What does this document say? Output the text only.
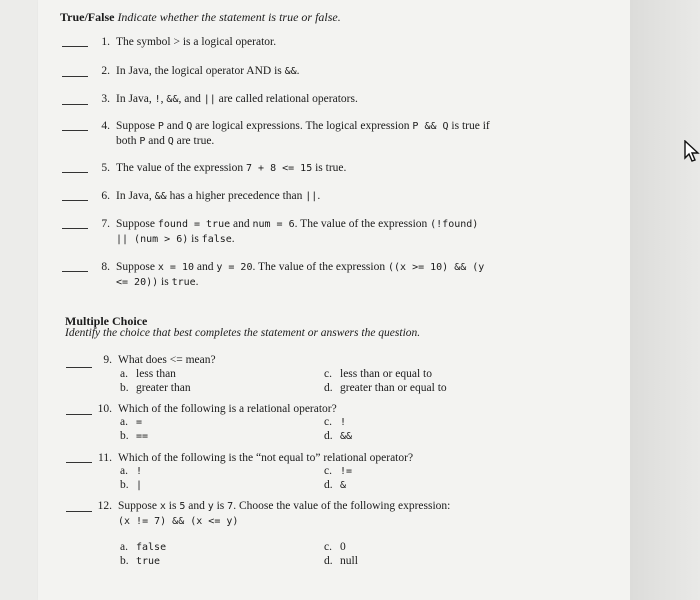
True/False Indicate whether the statement is true or false.
1. The symbol > is a logical operator.
2. In Java, the logical operator AND is &&.
3. In Java, !, &&, and || are called relational operators.
4. Suppose P and Q are logical expressions. The logical expression P && Q is true if
both P and Q are true.
5. The value of the expression 7 + 8 <= 15 is true.
6. In Java, && has a higher precedence than ||.
7. Suppose found = true and num = 6. The value of the expression (!found)
|| (num > 6) is false.
8. Suppose x = 10 and y = 20. The value of the expression ((x >= 10) && (y
<= 20)) is true.
Multiple Choice
Identify the choice that best completes the statement or answers the question.
9. What does <= mean?
a. less than
b. greater than
c. less than or equal to
d. greater than or equal to
10. Which of the following is a relational operator?
a. =
b. ==
c. !
d. &&
11. Which of the following is the “not equal to” relational operator?
a. !
b. |
c. !=
d. &
12. Suppose x is 5 and y is 7. Choose the value of the following expression:
(x != 7) && (x <= y)
a. false
b. true
c. 0
d. null
